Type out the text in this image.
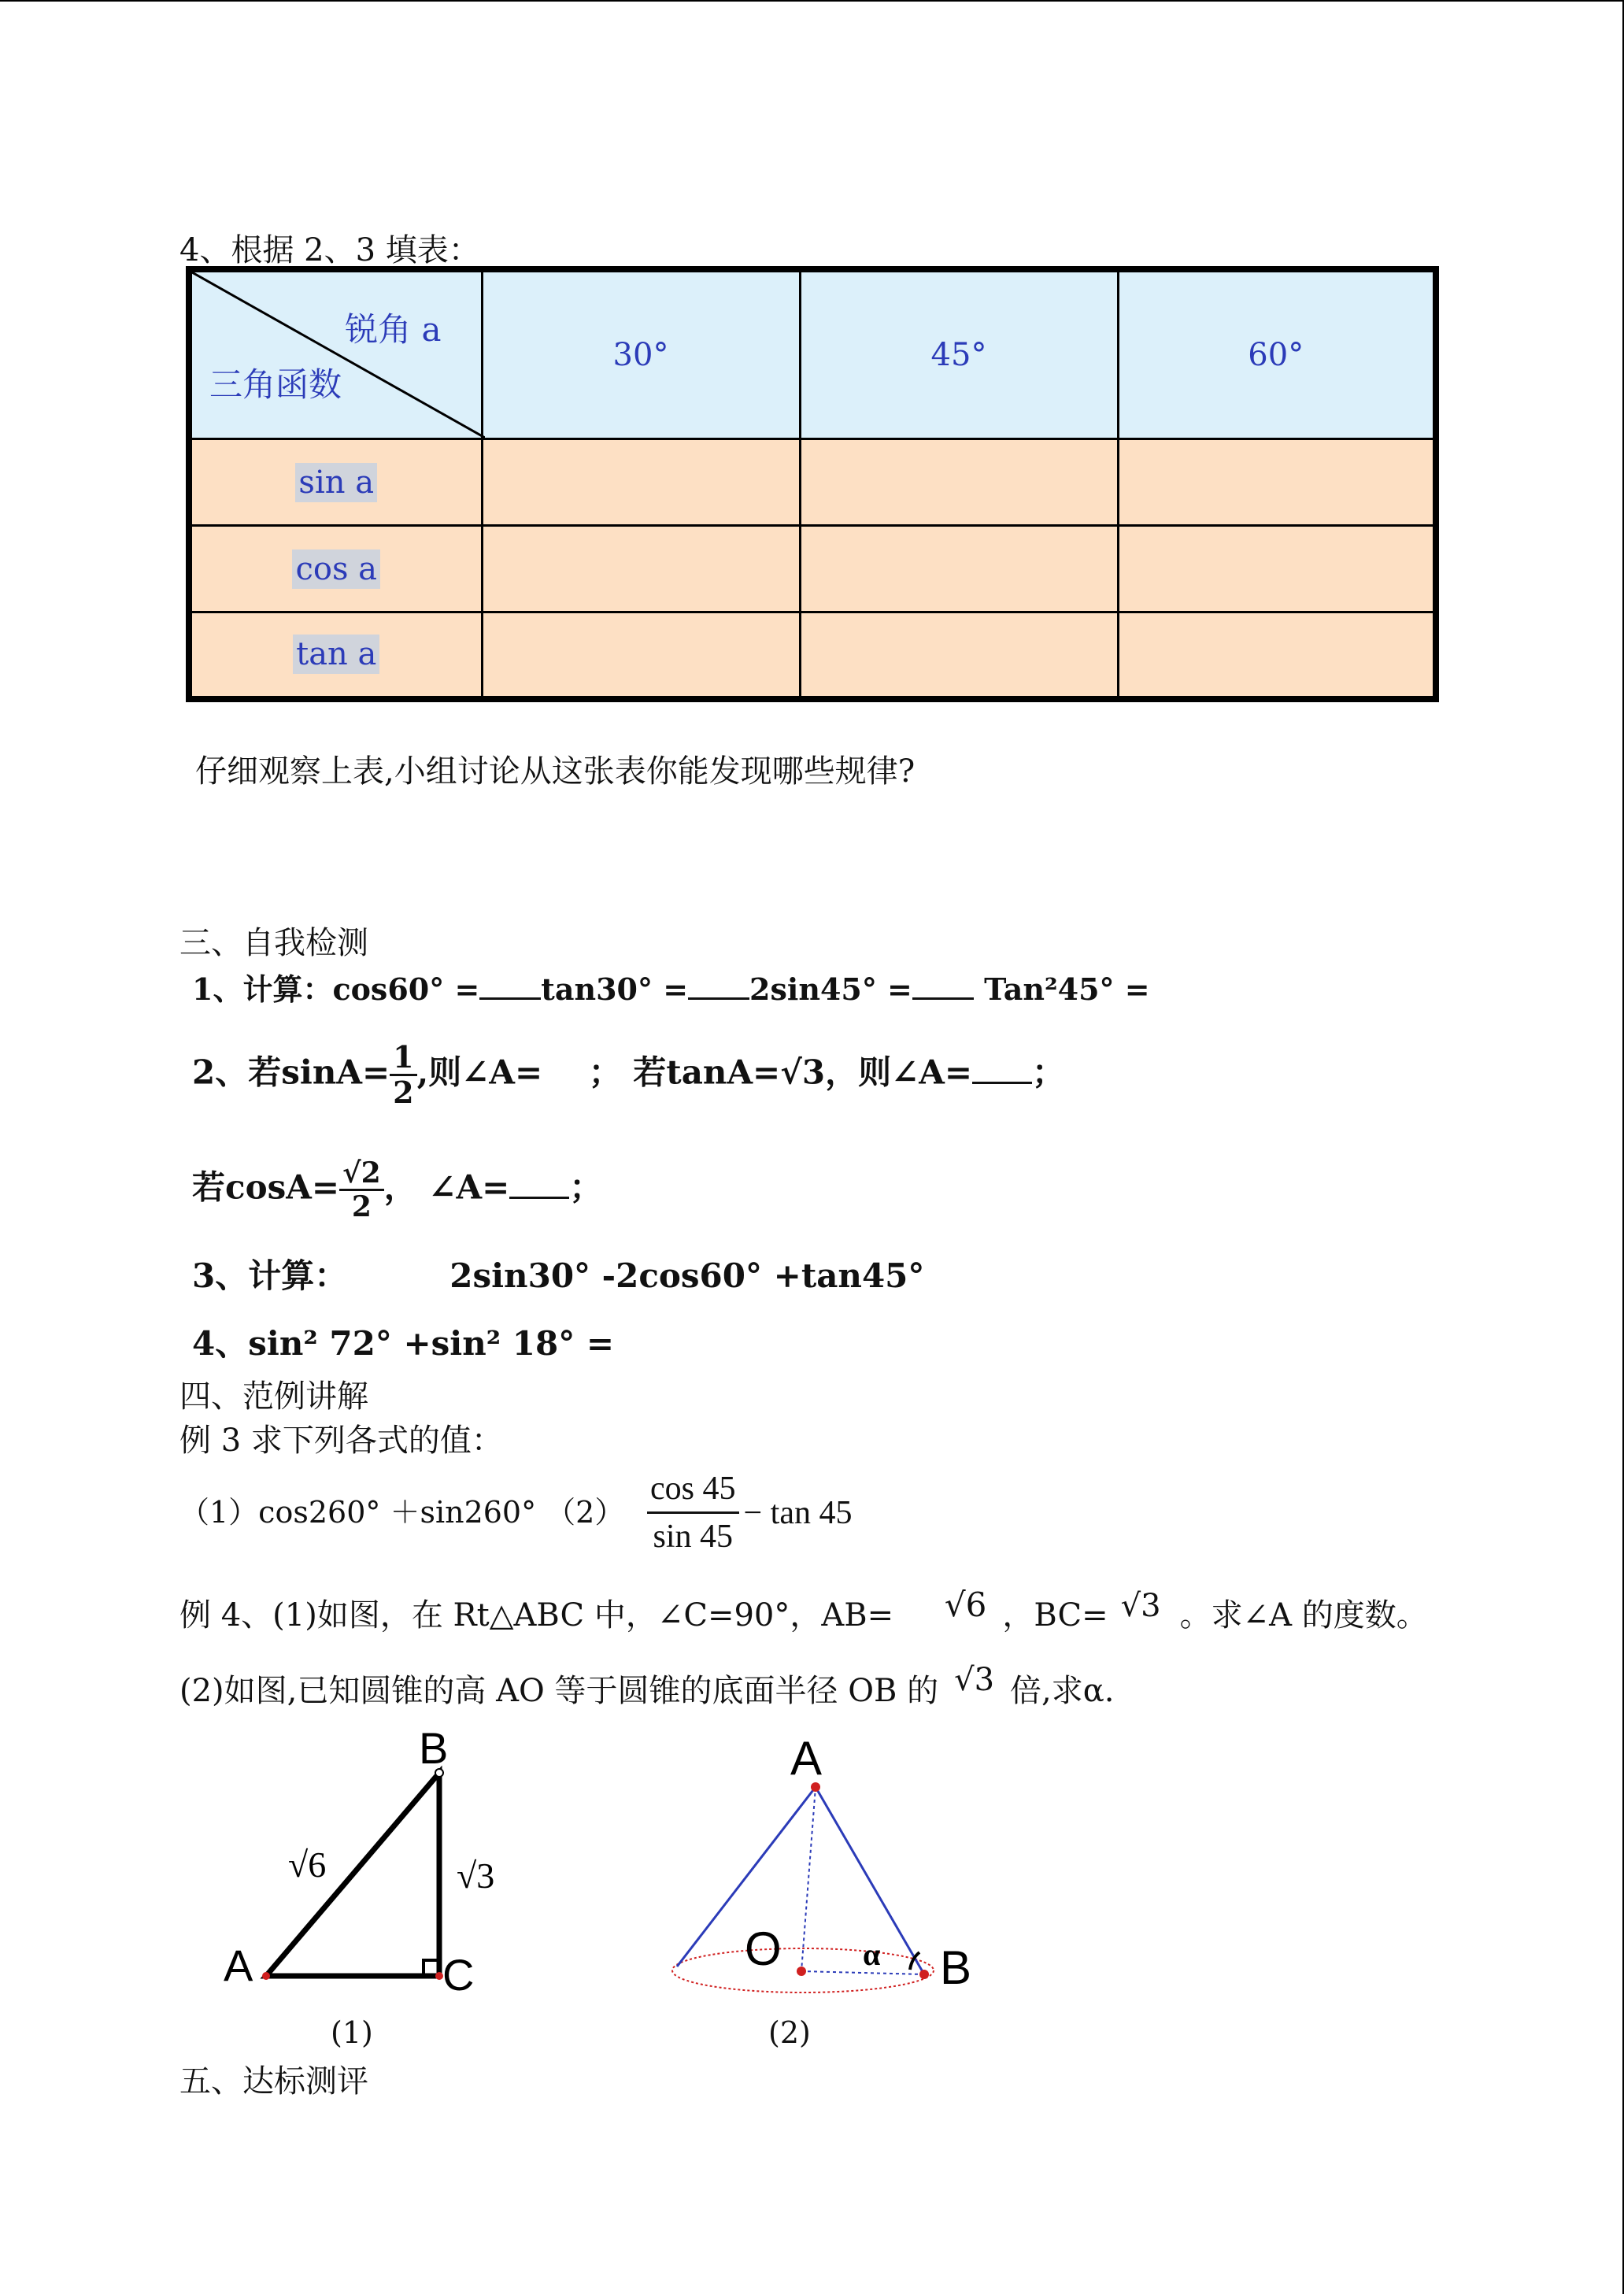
4、根据 2、3 填表：
锐角 a
三角函数	30°	45°	60°
sin a			
cos a			
tan a			
仔细观察上表,小组讨论从这张表你能发现哪些规律?
三、自我检测
1、计算：cos60° = tan30° = 2sin45° = Tan²45° =
2、若$\sin A= \frac{1}{2}$ ,则∠A= ； 若tanA=√3，则∠A= ；
若$\cos A= \frac{√2}{2}$ ， ∠A= ；
3、计算：	2sin30° -2cos60° +tan45°
4、sin² 72° +sin² 18° =
四、范例讲解
例 3 求下列各式的值：
（1）cos260° ＋sin260° $(2) \frac{\cos 45}{\sin 45} - \tan 45$
例 4、(1)如图，在 Rt△ABC 中，∠C=90°，AB= √6 ，BC= √3 。求∠A 的度数。
(2)如图,已知圆锥的高 AO 等于圆锥的底面半径 OB 的 √3 倍,求α.
A
B
C
√6	√3
(1)
A
O	B
α
(2)
五、达标测评
